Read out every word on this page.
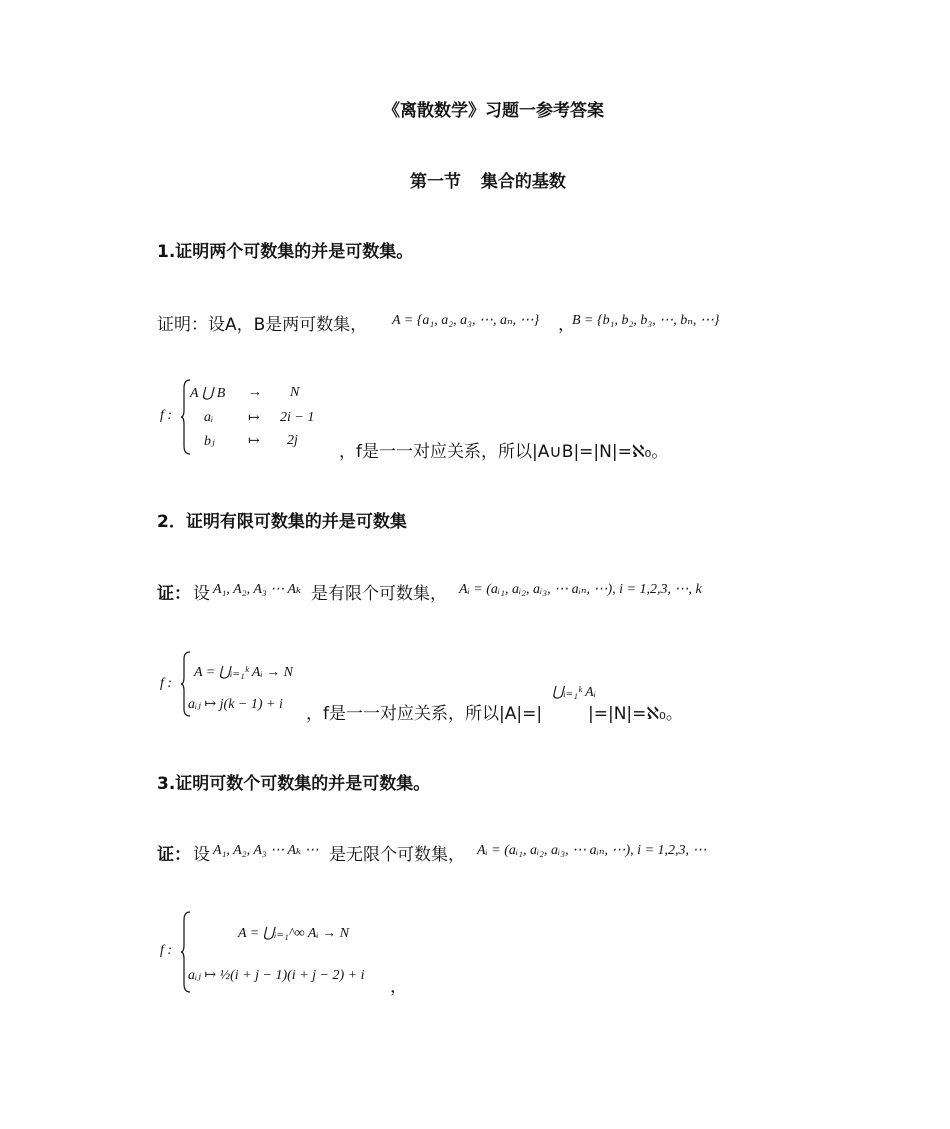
《离散数学》习题一参考答案
第一节 集合的基数
1.证明两个可数集的并是可数集。
证明：设A，B是两可数集， A = {a₁, a₂, a₃, ⋯, aₙ, ⋯} ，
B = {b₁, b₂, b₃, ⋯, bₙ, ⋯}
f :
A ⋃ B → N
aᵢ ↦ 2i − 1
bⱼ ↦ 2j
，f是一一对应关系，所以|A∪B|=|N|=ℵ₀。
2．证明有限可数集的并是可数集
证： 设 A₁, A₂, A₃ ⋯ Aₖ 是有限个可数集， Aᵢ = (aᵢ₁, aᵢ₂, aᵢ₃, ⋯ aᵢₙ, ⋯), i = 1,2,3, ⋯, k
f :
A = ⋃ᵢ₌₁ᵏ Aᵢ → N
aᵢⱼ ↦ j(k − 1) + i ，f是一一对应关系，所以|A|=|
⋃ᵢ₌₁ᵏ Aᵢ
|=|N|=ℵ₀。
3.证明可数个可数集的并是可数集。
证： 设 A₁, A₂, A₃ ⋯ Aₖ ⋯ 是无限个可数集， Aᵢ = (aᵢ₁, aᵢ₂, aᵢ₃, ⋯ aᵢₙ, ⋯), i = 1,2,3, ⋯
f :
A = ⋃ᵢ₌₁^∞ Aᵢ → N
aᵢⱼ ↦ ½(i + j − 1)(i + j − 2) + i
，
